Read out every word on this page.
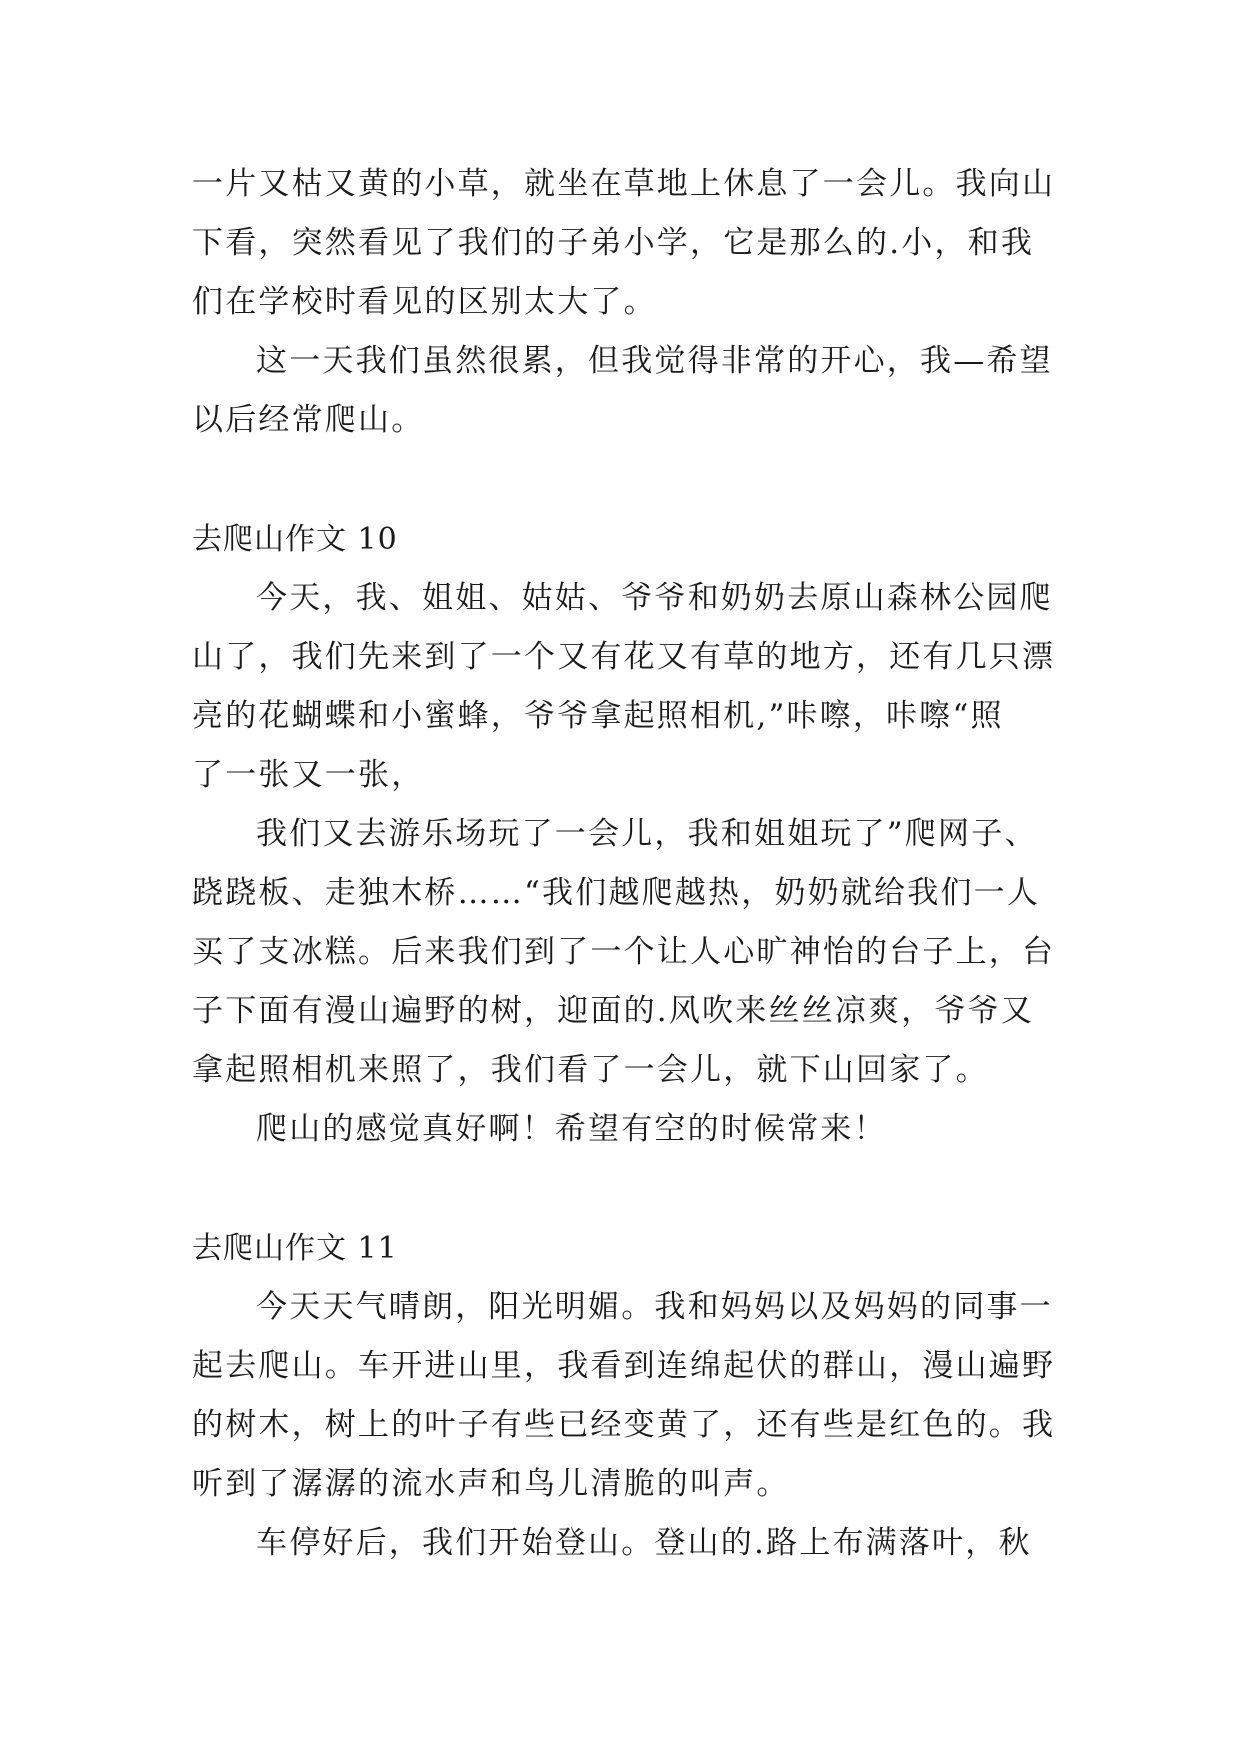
一片又枯又黄的小草，就坐在草地上休息了一会儿。我向山
下看，突然看见了我们的子弟小学，它是那么的.小，和我
们在学校时看见的区别太大了。
这一天我们虽然很累，但我觉得非常的开心，我—希望
以后经常爬山。
去爬山作文 10
今天，我、姐姐、姑姑、爷爷和奶奶去原山森林公园爬
山了，我们先来到了一个又有花又有草的地方，还有几只漂
亮的花蝴蝶和小蜜蜂，爷爷拿起照相机,”咔嚓，咔嚓“照
了一张又一张，
我们又去游乐场玩了一会儿，我和姐姐玩了”爬网子、
跷跷板、走独木桥……“我们越爬越热，奶奶就给我们一人
买了支冰糕。后来我们到了一个让人心旷神怡的台子上，台
子下面有漫山遍野的树，迎面的.风吹来丝丝凉爽，爷爷又
拿起照相机来照了，我们看了一会儿，就下山回家了。
爬山的感觉真好啊！希望有空的时候常来！
去爬山作文 11
今天天气晴朗，阳光明媚。我和妈妈以及妈妈的同事一
起去爬山。车开进山里，我看到连绵起伏的群山，漫山遍野
的树木，树上的叶子有些已经变黄了，还有些是红色的。我
听到了潺潺的流水声和鸟儿清脆的叫声。
车停好后，我们开始登山。登山的.路上布满落叶，秋
